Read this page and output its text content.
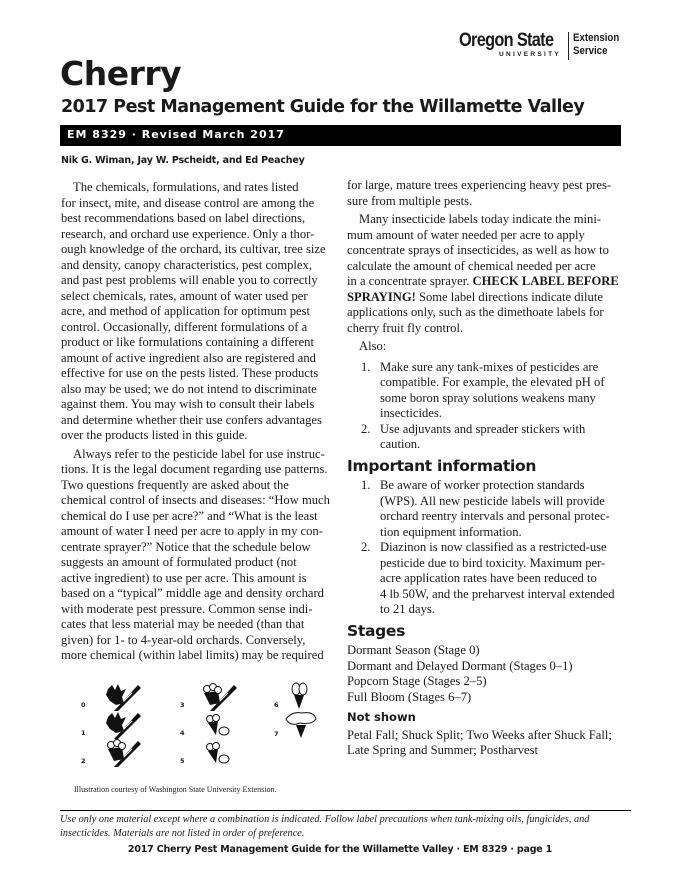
Oregon State
UNIVERSITY
Extension
Service
Cherry
2017 Pest Management Guide for the Willamette Valley
EM 8329 · Revised March 2017
Nik G. Wiman, Jay W. Pscheidt, and Ed Peachey
The chemicals, formulations, and rates listed
for insect, mite, and disease control are among the
best recommendations based on label directions,
research, and orchard use experience. Only a thor-
ough knowledge of the orchard, its cultivar, tree size
and density, canopy characteristics, pest complex,
and past pest problems will enable you to correctly
select chemicals, rates, amount of water used per
acre, and method of application for optimum pest
control. Occasionally, different formulations of a
product or like formulations containing a different
amount of active ingredient also are registered and
effective for use on the pests listed. These products
also may be used; we do not intend to discriminate
against them. You may wish to consult their labels
and determine whether their use confers advantages
over the products listed in this guide.
Always refer to the pesticide label for use instruc-
tions. It is the legal document regarding use patterns.
Two questions frequently are asked about the
chemical control of insects and diseases: “How much
chemical do I use per acre?” and “What is the least
amount of water I need per acre to apply in my con-
centrate sprayer?” Notice that the schedule below
suggests an amount of formulated product (not
active ingredient) to use per acre. This amount is
based on a “typical” middle age and density orchard
with moderate pest pressure. Common sense indi-
cates that less material may be needed (than that
given) for 1- to 4-year-old orchards. Conversely,
more chemical (within label limits) may be required
for large, mature trees experiencing heavy pest pres-
sure from multiple pests.
Many insecticide labels today indicate the mini-
mum amount of water needed per acre to apply
concentrate sprays of insecticides, as well as how to
calculate the amount of chemical needed per acre
in a concentrate sprayer. CHECK LABEL BEFORE
SPRAYING! Some label directions indicate dilute
applications only, such as the dimethoate labels for
cherry fruit fly control.
Also:
1. Make sure any tank-mixes of pesticides are
compatible. For example, the elevated pH of
some boron spray solutions weakens many
insecticides.
2. Use adjuvants and spreader stickers with
caution.
Important information
1. Be aware of worker protection standards
(WPS). All new pesticide labels will provide
orchard reentry intervals and personal protec-
tion equipment information.
2. Diazinon is now classified as a restricted-use
pesticide due to bird toxicity. Maximum per-
acre application rates have been reduced to
4 lb 50W, and the preharvest interval extended
to 21 days.
Stages
Dormant Season (Stage 0)
Dormant and Delayed Dormant (Stages 0–1)
Popcorn Stage (Stages 2–5)
Full Bloom (Stages 6–7)
Not shown
Petal Fall; Shuck Split; Two Weeks after Shuck Fall;
Late Spring and Summer; Postharvest
0
1
2
3
4
5
6
7
Illustration courtesy of Washington State University Extension.
Use only one material except where a combination is indicated. Follow label precautions when tank-mixing oils, fungicides, and insecticides. Materials are not listed in order of preference.
2017 Cherry Pest Management Guide for the Willamette Valley · EM 8329 · page 1
